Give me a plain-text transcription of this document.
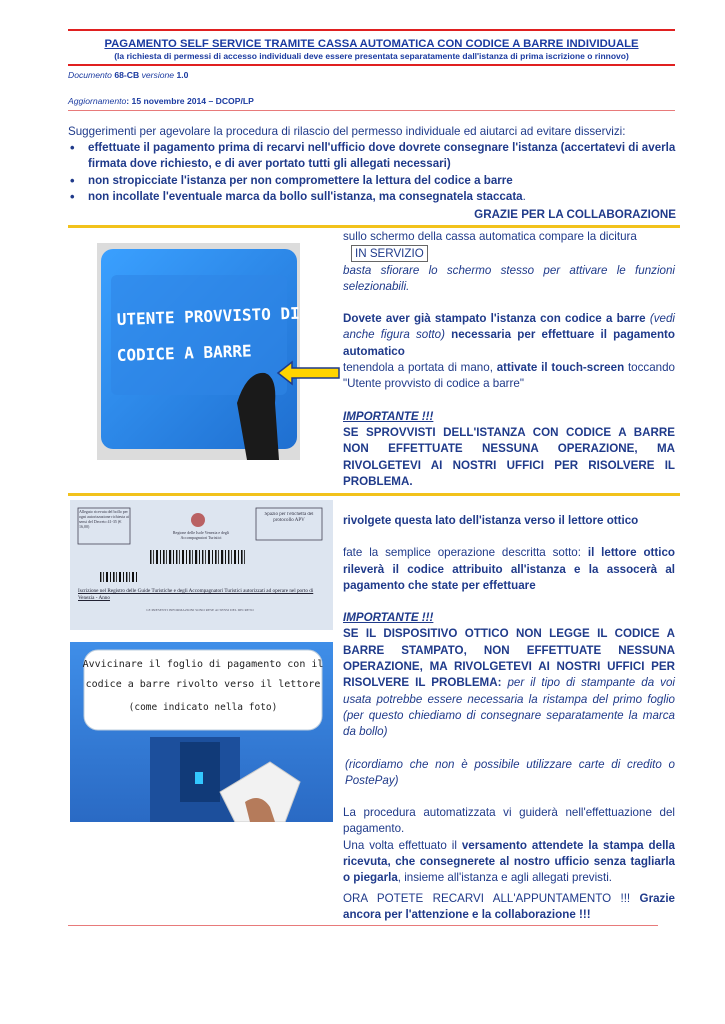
PAGAMENTO SELF SERVICE TRAMITE CASSA AUTOMATICA CON CODICE A BARRE INDIVIDUALE
(la richiesta di permessi di accesso individuali deve essere presentata separatamente dall'istanza di prima iscrizione o rinnovo)
Documento 68-CB versione 1.0
Aggiornamento: 15 novembre 2014 – DCOP/LP
Suggerimenti per agevolare la procedura di rilascio del permesso individuale ed aiutarci ad evitare disservizi:
• effettuate il pagamento prima di recarvi nell'ufficio dove dovrete consegnare l'istanza (accertatevi di averla firmata dove richiesto, e di aver portato tutti gli allegati necessari)
• non stropicciate l'istanza per non compromettere la lettura del codice a barre
• non incollate l'eventuale marca da bollo sull'istanza, ma consegnatela staccata.
GRAZIE PER LA COLLABORAZIONE
UTENTE PROVVISTO DI
CODICE A BARRE
sullo schermo della cassa automatica compare la dicitura
IN SERVIZIO
basta sfiorare lo schermo stesso per attivare le funzioni selezionabili.
Dovete aver già stampato l'istanza con codice a barre (vedi anche figura sotto) necessaria per effettuare il pagamento automatico
tenendola a portata di mano, attivate il touch-screen toccando "Utente provvisto di codice a barre"
IMPORTANTE !!!
SE SPROVVISTI DELL'ISTANZA CON CODICE A BARRE NON EFFETTUATE NESSUNA OPERAZIONE, MA RIVOLGETEVI AI NOSTRI UFFICI PER RISOLVERE IL PROBLEMA.
Allegato ricevuta del bollo per ogni autorizzazione richiesta ai sensi del Decreto 41-35 (€ 16,00)
Regione delle Isole Venezia e degli Accompagnatori Turistici
Spazio per l'etichetta del protocollo APV
Iscrizione nel Registro delle Guide Turistiche e degli Accompagnatori Turistici autorizzati ad operare nel porto di Venezia - Anno
LE PRESENTI INFORMAZIONI SONO RESE AI SENSI DEL DECRETO
Avvicinare il foglio di pagamento con il
codice a barre rivolto verso il lettore
(come indicato nella foto)
rivolgete questa lato dell'istanza verso il lettore ottico
fate la semplice operazione descritta sotto: il lettore ottico rileverà il codice attribuito all'istanza e la assocerà al pagamento che state per effettuare
IMPORTANTE !!!
SE IL DISPOSITIVO OTTICO NON LEGGE IL CODICE A BARRE STAMPATO, NON EFFETTUATE NESSUNA OPERAZIONE, MA RIVOLGETEVI AI NOSTRI UFFICI PER RISOLVERE IL PROBLEMA: per il tipo di stampante da voi usata potrebbe essere necessaria la ristampa del primo foglio (per questo chiediamo di consegnare separatamente la marca da bollo)
(ricordiamo che non è possibile utilizzare carte di credito o PostePay)
La procedura automatizzata vi guiderà nell'effettuazione del pagamento.
Una volta effettuato il versamento attendete la stampa della ricevuta, che consegnerete al nostro ufficio senza tagliarla o piegarla, insieme all'istanza e agli allegati previsti.
ORA POTETE RECARVI ALL'APPUNTAMENTO !!! Grazie ancora per l'attenzione e la collaborazione !!!
